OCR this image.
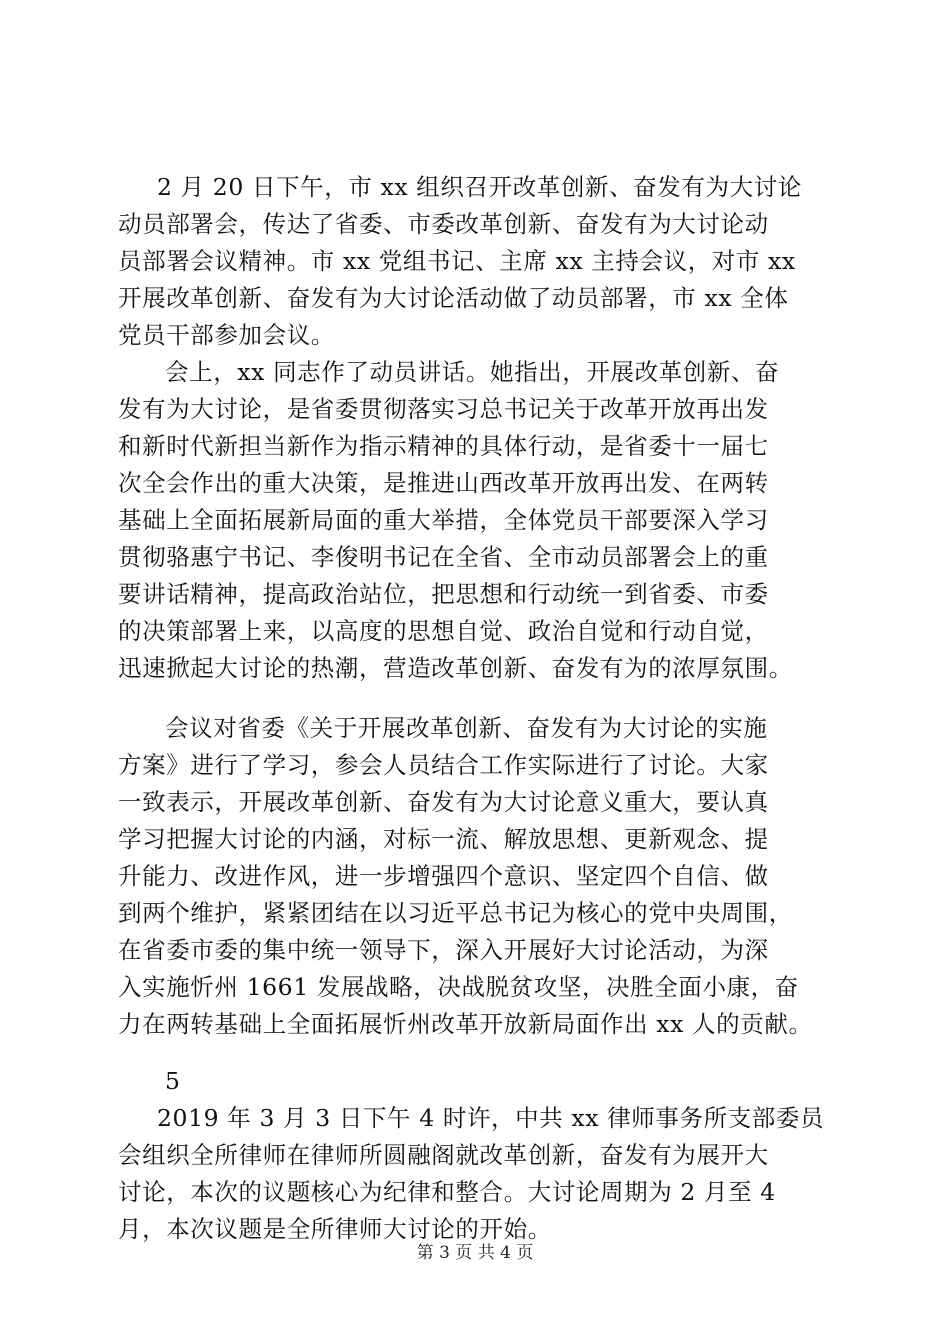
2 月 20 日下午，市 xx 组织召开改革创新、奋发有为大讨论
动员部署会，传达了省委、市委改革创新、奋发有为大讨论动
员部署会议精神。市 xx 党组书记、主席 xx 主持会议，对市 xx
开展改革创新、奋发有为大讨论活动做了动员部署，市 xx 全体
党员干部参加会议。
会上，xx 同志作了动员讲话。她指出，开展改革创新、奋
发有为大讨论，是省委贯彻落实习总书记关于改革开放再出发
和新时代新担当新作为指示精神的具体行动，是省委十一届七
次全会作出的重大决策，是推进山西改革开放再出发、在两转
基础上全面拓展新局面的重大举措，全体党员干部要深入学习
贯彻骆惠宁书记、李俊明书记在全省、全市动员部署会上的重
要讲话精神，提高政治站位，把思想和行动统一到省委、市委
的决策部署上来，以高度的思想自觉、政治自觉和行动自觉，
迅速掀起大讨论的热潮，营造改革创新、奋发有为的浓厚氛围。
会议对省委《关于开展改革创新、奋发有为大讨论的实施
方案》进行了学习，参会人员结合工作实际进行了讨论。大家
一致表示，开展改革创新、奋发有为大讨论意义重大，要认真
学习把握大讨论的内涵，对标一流、解放思想、更新观念、提
升能力、改进作风，进一步增强四个意识、坚定四个自信、做
到两个维护，紧紧团结在以习近平总书记为核心的党中央周围，
在省委市委的集中统一领导下，深入开展好大讨论活动，为深
入实施忻州 1661 发展战略，决战脱贫攻坚，决胜全面小康，奋
力在两转基础上全面拓展忻州改革开放新局面作出 xx 人的贡献。
5
2019 年 3 月 3 日下午 4 时许，中共 xx 律师事务所支部委员
会组织全所律师在律师所圆融阁就改革创新，奋发有为展开大
讨论，本次的议题核心为纪律和整合。大讨论周期为 2 月至 4
月，本次议题是全所律师大讨论的开始。
第 3 页 共 4 页
